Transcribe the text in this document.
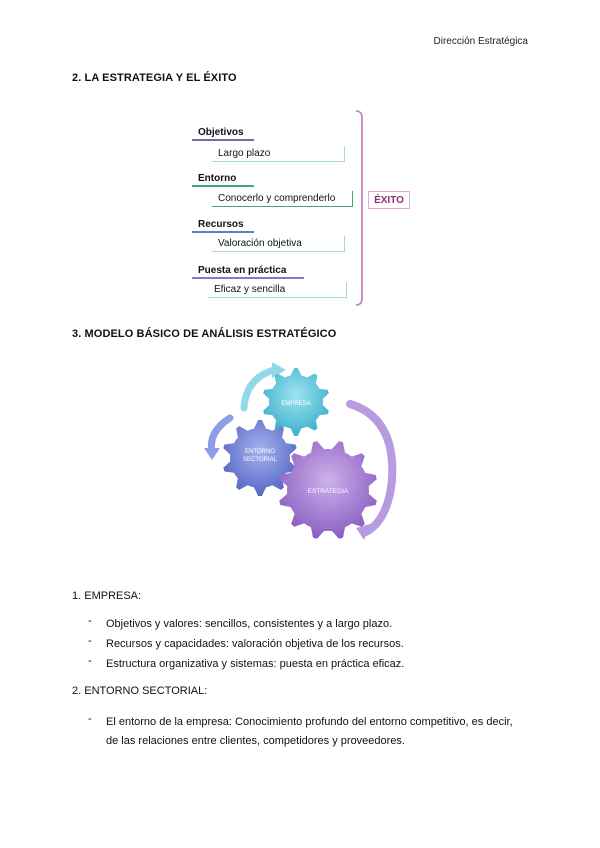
Dirección Estratégica
2. LA ESTRATEGIA Y EL ÉXITO
Objetivos
Largo plazo
Entorno
Conocerlo y comprenderlo
Recursos
Valoración objetiva
Puesta en práctica
Eficaz y sencilla
ÉXITO
3. MODELO BÁSICO DE ANÁLISIS ESTRATÉGICO
EMPRESA
ENTORNO
SECTORIAL
ESTRATEGIA
1. EMPRESA:
-	Objetivos y valores: sencillos, consistentes y a largo plazo.
-	Recursos y capacidades: valoración objetiva de los recursos.
-	Estructura organizativa y sistemas: puesta en práctica eficaz.
2. ENTORNO SECTORIAL:
-	El entorno de la empresa: Conocimiento profundo del entorno competitivo, es decir, de las relaciones entre clientes, competidores y proveedores.
